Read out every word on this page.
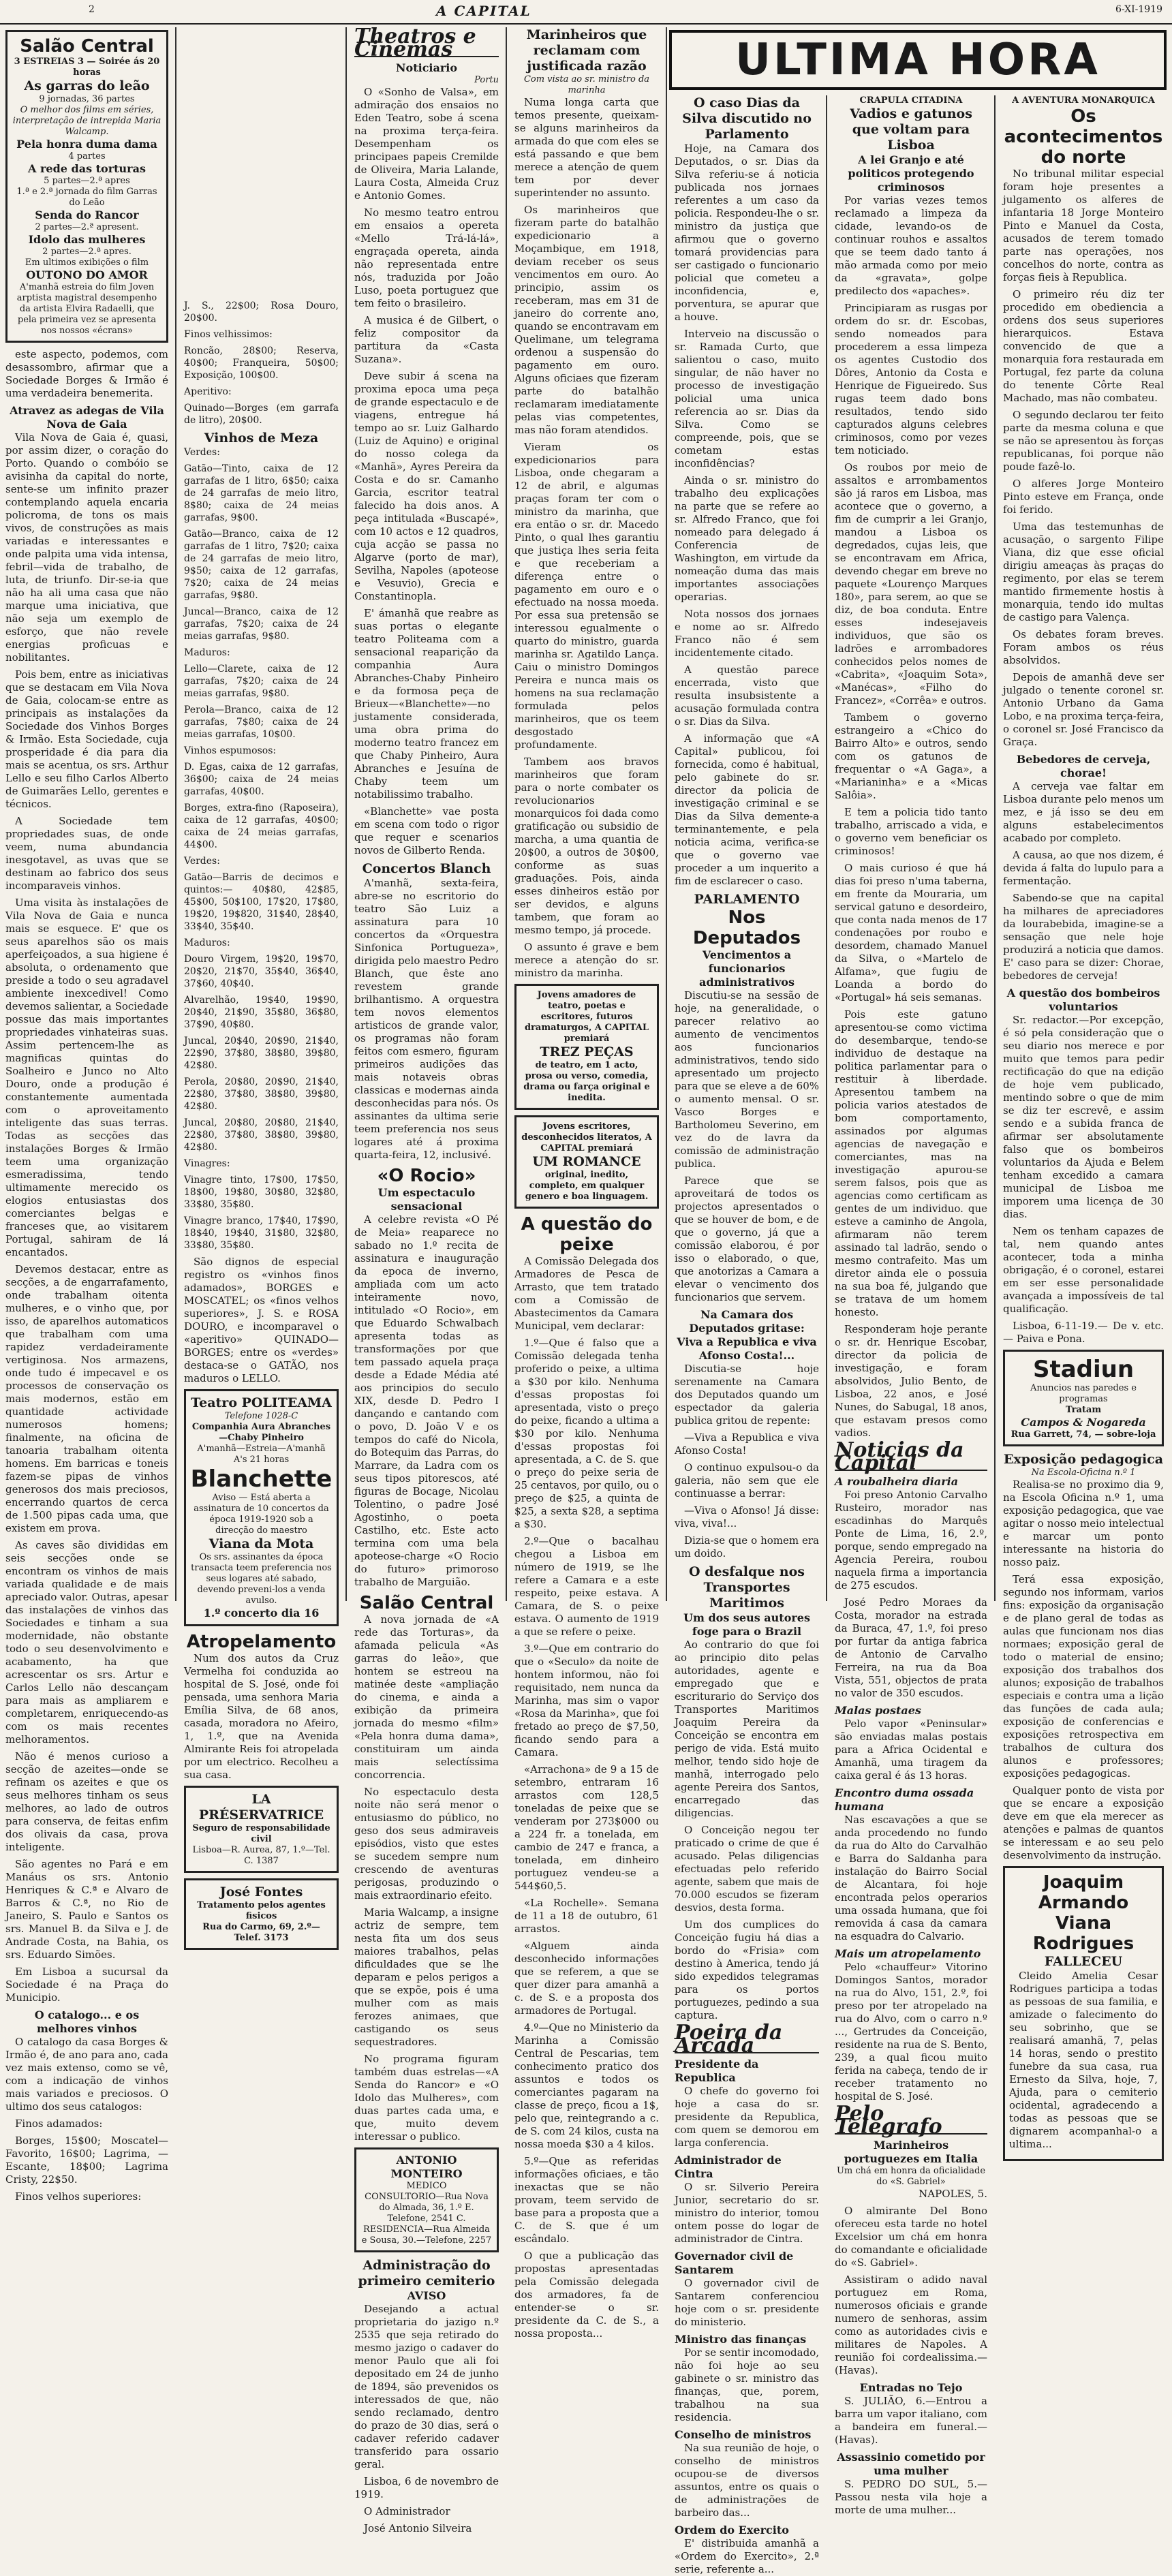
2	A CAPITAL	6-XI-1919
Salão Central
3 ESTREIAS 3 — Soirée ás 20 horas
As garras do leão
9 jornadas, 36 partes
O melhor dos films em séries, interpretação de intrepida Maria Walcamp.
Pela honra duma dama
4 partes
A rede das torturas
5 partes—2.ª apres
1.ª e 2.ª jornada do film Garras do Leão
Senda do Rancor
2 partes—2.ª apresent.
Idolo das mulheres
2 partes—2.ª apres.
Em ultimos exibições o film
OUTONO DO AMOR
A'manhã estreia do film Joven arptista magistral desempenho da artista Elvira Radaelli, que pela primeira vez se apresenta nos nossos «écrans»

este aspecto, podemos, com desassombro, afirmar que a Sociedade Borges & Irmão é uma verdadeira benemerita.

Atravez as adegas de Vila Nova de Gaia

Vila Nova de Gaia é, quasi, por assim dizer, o coração do Porto. Quando o combóio se avisinha da capital do norte, sente-se um infinito prazer contemplando aquela encaria policroma, de tons os mais vivos, de construções as mais variadas e interessantes e onde palpita uma vida intensa, febril—vida de trabalho, de luta, de triunfo. Dir-se-ia que não ha ali uma casa que não marque uma iniciativa, que não seja um exemplo de esforço, que não revele energias proficuas e nobilitantes.

Pois bem, entre as iniciativas que se destacam em Vila Nova de Gaia, colocam-se entre as principais as instalações da Sociedade dos Vinhos Borges & Irmão. Esta Sociedade, cuja prosperidade é dia para dia mais se acentua, os srs. Arthur Lello e seu filho Carlos Alberto de Guimarães Lello, gerentes e técnicos.

A Sociedade tem propriedades suas, de onde veem, numa abundancia inesgotavel, as uvas que se destinam ao fabrico dos seus incomparaveis vinhos.

Uma visita às instalações de Vila Nova de Gaia e nunca mais se esquece. E' que os seus aparelhos são os mais aperfeiçoados, a sua higiene é absoluta, o ordenamento que preside a todo o seu agradavel ambiente inexcedivel! Como devemos salientar, a Sociedade possue das mais importantes propriedades vinhateiras suas. Assim pertencem-lhe as magnificas quintas do Soalheiro e Junco no Alto Douro, onde a produção é constantemente aumentada com o aproveitamento inteligente das suas terras. Todas as secções das instalações Borges & Irmão teem uma organização esmeradissima, tendo ultimamente merecido os elogios entusiastas dos comerciantes belgas e franceses que, ao visitarem Portugal, sahiram de lá encantados.

Devemos destacar, entre as secções, a de engarrafamento, onde trabalham oitenta mulheres, e o vinho que, por isso, de aparelhos automaticos que trabalham com uma rapidez verdadeiramente vertiginosa. Nos armazens, onde tudo é impecavel e os processos de conservação os mais modernos, estão em quantidade actividade numerosos homens; finalmente, na oficina de tanoaria trabalham oitenta homens. Em barricas e toneis fazem-se pipas de vinhos generosos dos mais preciosos, encerrando quartos de cerca de 1.500 pipas cada uma, que existem em prova.

As caves são divididas em seis secções onde se encontram os vinhos de mais variada qualidade e de mais apreciado valor. Outras, apesar das instalações de vinhos das Sociedades e tinham a sua modernidade, não obstante todo o seu desenvolvimento e acabamento, ha que acrescentar os srs. Artur e Carlos Lello não descançam para mais as ampliarem e completarem, enriquecendo-as com os mais recentes melhoramentos.

Não é menos curioso a secção de azeites—onde se refinam os azeites e que os seus melhores tinham os seus melhores, ao lado de outros para conserva, de feitas enfim dos olivais da casa, prova inteligente.

São agentes no Pará e em Manáus os srs. Antonio Henriques & C.ª e Alvaro de Barros & C.ª, no Rio de Janeiro, S. Paulo e Santos os srs. Manuel B. da Silva e J. de Andrade Costa, na Bahia, os srs. Eduardo Simões.

Em Lisboa a sucursal da Sociedade é na Praça do Municipio.

O catalogo... e os melhores vinhos

O catalogo da casa Borges & Irmão é, de ano para ano, cada vez mais extenso, como se vê, com a indicação de vinhos mais variados e preciosos. O ultimo dos seus catalogos:

Finos adamados:

Borges, 15$00; Moscatel—Favorito, 16$00; Lagrima, — Escante, 18$00; Lagrima Cristy, 22$50.

Finos velhos superiores:

J. S., 22$00; Rosa Douro, 20$00.

Finos velhissimos:

Roncão, 28$00; Reserva, 40$00; Franqueira, 50$00; Exposição, 100$00.

Aperitivo:

Quinado—Borges (em garrafa de litro), 20$00.

Vinhos de Meza

Verdes:

Gatão—Tinto, caixa de 12 garrafas de 1 litro, 6$50; caixa de 24 garrafas de meio litro, 8$80; caixa de 24 meias garrafas, 9$00.

Gatão—Branco, caixa de 12 garrafas de 1 litro, 7$20; caixa de 24 garrafas de meio litro, 9$50; caixa de 12 garrafas, 7$20; caixa de 24 meias garrafas, 9$80.

Juncal—Branco, caixa de 12 garrafas, 7$20; caixa de 24 meias garrafas, 9$80.

Maduros:

Lello—Clarete, caixa de 12 garrafas, 7$20; caixa de 24 meias garrafas, 9$80.

Perola—Branco, caixa de 12 garrafas, 7$80; caixa de 24 meias garrafas, 10$00.

Vinhos espumosos:

D. Egas, caixa de 12 garrafas, 36$00; caixa de 24 meias garrafas, 40$00.

Borges, extra-fino (Raposeira), caixa de 12 garrafas, 40$00; caixa de 24 meias garrafas, 44$00.

Verdes:

Gatão—Barris de decimos e quintos:— 40$80, 42$85, 45$00, 50$100, 17$20, 17$80, 19$20, 19$820, 31$40, 28$40, 33$40, 35$40.

Maduros:

Douro Virgem, 19$20, 19$70, 20$20, 21$70, 35$40, 36$40, 37$60, 40$40.

Alvarelhão, 19$40, 19$90, 20$40, 21$90, 35$80, 36$80, 37$90, 40$80.

Juncal, 20$40, 20$90, 21$40, 22$90, 37$80, 38$80, 39$80, 42$80.

Perola, 20$80, 20$90, 21$40, 22$80, 37$80, 38$80, 39$80, 42$80.

Juncal, 20$80, 20$80, 21$40, 22$80, 37$80, 38$80, 39$80, 42$80.

Vinagres:

Vinagre tinto, 17$00, 17$50, 18$00, 19$80, 30$80, 32$80, 33$80, 35$80.

Vinagre branco, 17$40, 17$90, 18$40, 19$40, 31$80, 32$80, 33$80, 35$80.

São dignos de especial registro os «vinhos finos adamados», BORGES e MOSCATEL; os «finos velhos superiores», J. S. e ROSA DOURO, e incomparavel o «aperitivo» QUINADO—BORGES; entre os «verdes» destaca-se o GATÃO, nos maduros o LELLO.

Teatro POLITEAMA
Telefone 1028-C
Companhia Aura Abranches—Chaby Pinheiro
A'manhã—Estreia—A'manhã
A's 21 horas
Blanchette
Aviso — Está aberta a assinatura de 10 concertos da época 1919-1920 sob a direcção do maestro
Viana da Mota
Os srs. assinantes da época transacta teem preferencia nos seus logares até sabado, devendo preveni-los a venda avulso.
1.º concerto dia 16
Atropelamento

Num dos autos da Cruz Vermelha foi conduzida ao hospital de S. José, onde foi pensada, uma senhora Maria Emília Silva, de 68 anos, casada, moradora no Afeiro, 1, 1.º, que na Avenida Almirante Reis foi atropelada por um electrico. Recolheu a sua casa.

LA PRÉSERVATRICE
Seguro de responsabilidade civil
Lisboa—R. Aurea, 87, 1.º—Tel. C. 1387
José Fontes
Tratamento pelos agentes fisicos
Rua do Carmo, 69, 2.º—Telef. 3173
Theatros e Cinemas
Noticiario
Portu

O «Sonho de Valsa», em admiração dos ensaios no Eden Teatro, sobe á scena na proxima terça-feira. Desempenham os principaes papeis Cremilde de Oliveira, Maria Lalande, Laura Costa, Almeida Cruz e Antonio Gomes.

No mesmo teatro entrou em ensaios a opereta «Mello Trá-lá-lá», engraçada opereta, ainda não representada entre nós, traduzida por João Luso, poeta portuguez que tem feito o brasileiro.

A musica é de Gilbert, o feliz compositor da partitura da «Casta Suzana».

Deve subir á scena na proxima epoca uma peça de grande espectaculo e de viagens, entregue há tempo ao sr. Luiz Galhardo (Luiz de Aquino) e original do nosso colega da «Manhã», Ayres Pereira da Costa e do sr. Camanho Garcia, escritor teatral falecido ha dois anos. A peça intitulada «Buscapé», com 10 actos e 12 quadros, cuja acção se passa no Algarve (porto de mar), Sevilha, Napoles (apoteose e Vesuvio), Grecia e Constantinopla.

E' ámanhã que reabre as suas portas o elegante teatro Politeama com a sensacional reaparição da companhia Aura Abranches-Chaby Pinheiro e da formosa peça de Brieux—«Blanchette»—no justamente considerada, uma obra prima do moderno teatro francez em que Chaby Pinheiro, Aura Abranches e Jesuína de Chaby teem um notabilissimo trabalho.

«Blanchette» vae posta em scena com todo o rigor que requer e scenarios novos de Gilberto Renda.

Concertos Blanch

A'manhã, sexta-feira, abre-se no escritorio do teatro São Luiz a assinatura para 10 concertos da «Orquestra Sinfonica Portugueza», dirigida pelo maestro Pedro Blanch, que êste ano revestem grande brilhantismo. A orquestra tem novos elementos artisticos de grande valor, os programas não foram feitos com esmero, figuram primeiros audições das mais notaveis obras classicas e modernas ainda desconhecidas para nós. Os assinantes da ultima serie teem preferencia nos seus logares até á proxima quarta-feira, 12, inclusivé.

«O Rocio»
Um espectaculo sensacional

A celebre revista «O Pé de Meia» reaparece no sabado no 1.º recita de assinatura e inauguração da epoca de inverno, ampliada com um acto inteiramente novo, intitulado «O Rocio», em que Eduardo Schwalbach apresenta todas as transformações por que tem passado aquela praça desde a Edade Média até aos principios do seculo XIX, desde D. Pedro I dançando e cantando com o povo, D. João V e os tempos do café do Nicola, do Botequim das Parras, do Marrare, da Ladra com os seus tipos pitorescos, até figuras de Bocage, Nicolau Tolentino, o padre José Agostinho, o poeta Castilho, etc. Este acto termina com uma bela apoteose-charge «O Rocio do futuro» primoroso trabalho de Marguião.

Salão Central

A nova jornada de «A rede das Torturas», da afamada pelicula «As garras do leão», que hontem se estreou na matinée deste «ampliação do cinema, e ainda a exibição da primeira jornada do mesmo «film» «Pela honra duma dama», constituiram um ainda mais selectíssima concorrencia.

No espectaculo desta noite não será menor o entusiasmo do público, no geso dos seus admiraveis episódios, visto que estes se sucedem sempre num crescendo de aventuras perigosas, produzindo o mais extraordinario efeito.

Maria Walcamp, a insigne actriz de sempre, tem nesta fita um dos seus maiores trabalhos, pelas dificuldades que se lhe deparam e pelos perigos a que se expõe, pois é uma mulher com as mais ferozes animaes, que castigando os seus sequestradores.

No programa figuram também duas estrelas—«A Senda do Rancor» e «O Idolo das Mulheres», com duas partes cada uma, e que, muito devem interessar o publico.

ANTONIO MONTEIRO
MEDICO
CONSULTORIO—Rua Nova do Almada, 36, 1.º E. Telefone, 2541 C. RESIDENCIA—Rua Almeida e Sousa, 30.—Telefone, 2257
Administração do primeiro cemiterio
AVISO

Desejando a actual proprietaria do jazigo n.º 2535 que seja retirado do mesmo jazigo o cadaver do menor Paulo que ali foi depositado em 24 de junho de 1894, são prevenidos os interessados de que, não sendo reclamado, dentro do prazo de 30 dias, será o cadaver referido cadaver transferido para ossario geral.

Lisboa, 6 de novembro de 1919.

O Administrador

José Antonio Silveira

Marinheiros que reclamam com justificada razão
Com vista ao sr. ministro da marinha

Numa longa carta que temos presente, queixam-se alguns marinheiros da armada do que com eles se está passando e que bem merece a atenção de quem tem por dever superintender no assunto.

Os marinheiros que fizeram parte do batalhão expedicionario a Moçambique, em 1918, deviam receber os seus vencimentos em ouro. Ao principio, assim os receberam, mas em 31 de janeiro do corrente ano, quando se encontravam em Quelimane, um telegrama ordenou a suspensão do pagamento em ouro. Alguns oficiaes que fizeram parte do batalhão reclamaram imediatamente pelas vias competentes, mas não foram atendidos.

Vieram os expedicionarios para Lisboa, onde chegaram a 12 de abril, e algumas praças foram ter com o ministro da marinha, que era então o sr. dr. Macedo Pinto, o qual lhes garantiu que justiça lhes seria feita e que receberiam a diferença entre o pagamento em ouro e o efectuado na nossa moeda. Por essa sua pretensão se interessou egualmente o quarto do ministro, guarda marinha sr. Agatildo Lança. Caiu o ministro Domingos Pereira e nunca mais os homens na sua reclamação formulada pelos marinheiros, que os teem desgostado profundamente.

Tambem aos bravos marinheiros que foram para o norte combater os revolucionarios monarquicos foi dada como gratificação ou subsidio de marcha, a uma quantia de 20$00, a outros de 30$00, conforme as suas graduações. Pois, ainda esses dinheiros estão por ser devidos, e alguns tambem, que foram ao mesmo tempo, já procede.

O assunto é grave e bem merece a atenção do sr. ministro da marinha.

Jovens amadores de teatro, poetas e escritores, futuros dramaturgos, A CAPITAL premiará
TREZ PEÇAS
de teatro, em 1 acto, prosa ou verso, comedia, drama ou farça original e inedita.
Jovens escritores, desconhecidos literatos, A CAPITAL premiará
UM ROMANCE
original, inedito, completo, em qualquer genero e boa linguagem.
A questão do peixe

A Comissão Delegada dos Armadores de Pesca de Arrasto, que tem tratado com a Comissão de Abastecimentos da Camara Municipal, vem declarar:

1.º—Que é falso que a Comissão delegada tenha proferido o peixe, a ultima a $30 por kilo. Nenhuma d'essas propostas foi apresentada, visto o preço do peixe, ficando a ultima a $30 por kilo. Nenhuma d'essas propostas foi apresentada, a C. de S. que o preço do peixe seria de 25 centavos, por quilo, ou o preço de $25, a quinta de $25, a sexta $28, a septima a $30.

2.º—Que o bacalhau chegou a Lisboa em número de 1919, se lhe refere a Camara e a este respeito, peixe estava. A Camara, de S. o peixe estava. O aumento de 1919 a que se refere o peixe.

3.º—Que em contrario do que o «Seculo» da noite de hontem informou, não foi requisitado, nem nunca da Marinha, mas sim o vapor «Rosa da Marinha», que foi fretado ao preço de $7,50, ficando sendo para a Camara.

«Arrachona» de 9 a 15 de setembro, entraram 16 arrastos com 128,5 toneladas de peixe que se venderam por 273$000 ou a 224 fr. a tonelada, em cambio de 247 e franca, a tonelada, em dinheiro portuguez vendeu-se a 544$60,5.

«La Rochelle». Semana de 11 a 18 de outubro, 61 arrastos.

«Alguem ainda desconhecido informações que se referem, a que se quer dizer para amanhã a c. de S. e a proposta dos armadores de Portugal.

4.º—Que no Ministerio da Marinha a Comissão Central de Pescarias, tem conhecimento pratico dos assuntos e todos os comerciantes pagaram na classe de preço, ficou a 1$, pelo que, reintegrando a c. de S. com 24 kilos, custa na nossa moeda $30 a 4 kilos.

5.º—Que as referidas informações oficiaes, e tão inexactas que se não provam, teem servido de base para a proposta que a C. de S. que é um escândalo.

O que a publicação das propostas apresentadas pela Comissão delegada dos armadores, fa de entender-se o sr. presidente da C. de S., a nossa proposta...

ULTIMA HORA
O caso Dias da Silva discutido no Parlamento

Hoje, na Camara dos Deputados, o sr. Dias da Silva referiu-se á noticia publicada nos jornaes referentes a um caso da policia. Respondeu-lhe o sr. ministro da justiça que afirmou que o governo tomará providencias para ser castigado o funcionario policial que cometeu a inconfidencia, e, porventura, se apurar que a houve.

Interveio na discussão o sr. Ramada Curto, que salientou o caso, muito singular, de não haver no processo de investigação policial uma unica referencia ao sr. Dias da Silva. Como se compreende, pois, que se cometam estas inconfidências?

Ainda o sr. ministro do trabalho deu explicações na parte que se refere ao sr. Alfredo Franco, que foi nomeado para delegado á Conferencia de Washington, em virtude da nomeação duma das mais importantes associações operarias.

Nota nossos dos jornaes e nome ao sr. Alfredo Franco não é sem incidentemente citado.

A questão parece encerrada, visto que resulta insubsistente a acusação formulada contra o sr. Dias da Silva.

A informação que «A Capital» publicou, foi fornecida, como é habitual, pelo gabinete do sr. director da policia de investigação criminal e se Dias da Silva demente-a terminantemente, e pela noticia acima, verifica-se que o governo vae proceder a um inquerito a fim de esclarecer o caso.

PARLAMENTO
Nos Deputados
Vencimentos a funcionarios administrativos

Discutiu-se na sessão de hoje, na generalidade, o parecer relativo ao aumento de vencimentos aos funcionarios administrativos, tendo sido apresentado um projecto para que se eleve a de 60% o aumento mensal. O sr. Vasco Borges e Bartholomeu Severino, em vez do de lavra da comissão de administração publica.

Parece que se aproveitará de todos os projectos apresentados o que se houver de bom, e de que o governo, já que a comissão elaborou, é por isso o elaborado, o que, que anotorizas a Camara a elevar o vencimento dos funcionarios que servem.

Na Camara dos Deputados gritase: Viva a Republica e viva Afonso Costa!...

Discutia-se hoje serenamente na Camara dos Deputados quando um espectador da galeria publica gritou de repente:

—Viva a Republica e viva Afonso Costa!

O continuo expulsou-o da galeria, não sem que ele continuasse a berrar:

—Viva o Afonso! Já disse: viva, viva!...

Dizia-se que o homem era um doido.

O desfalque nos Transportes Maritimos
Um dos seus autores foge para o Brazil

Ao contrario do que foi ao principio dito pelas autoridades, agente e empregado que e escriturario do Serviço dos Transportes Maritimos Joaquim Pereira da Conceição se encontra em perigo de vida. Está muito melhor, tendo sido hoje de manhã, interrogado pelo agente Pereira dos Santos, encarregado das diligencias.

O Conceição negou ter praticado o crime de que é acusado. Pelas diligencias efectuadas pelo referido agente, sabem que mais de 70.000 escudos se fizeram desvios, desta forma.

Um dos cumplices do Conceição fugiu há dias a bordo do «Frisia» com destino à America, tendo já sido expedidos telegramas para os portos portuguezes, pedindo a sua captura.

Poeira da Arcada
Presidente da Republica

O chefe do governo foi hoje a casa do sr. presidente da Republica, com quem se demorou em larga conferencia.

Administrador de Cintra

O sr. Silverio Pereira Junior, secretario do sr. ministro do interior, tomou ontem posse do logar de administrador de Cintra.

Governador civil de Santarem

O governador civil de Santarem conferenciou hoje com o sr. presidente do ministerio.

Ministro das finanças

Por se sentir incomodado, não foi hoje ao seu gabinete o sr. ministro das finanças, que, porem, trabalhou na sua residencia.

Conselho de ministros

Na sua reunião de hoje, o conselho de ministros ocupou-se de diversos assuntos, entre os quais o de administrações de barbeiro das...

Ordem do Exercito

E' distribuida amanhã a «Ordem do Exercito», 2.ª serie, referente a...

CRAPULA CITADINA
Vadios e gatunos que voltam para Lisboa
A lei Granjo e até politicos protegendo criminosos

Por varias vezes temos reclamado a limpeza da cidade, levando-os de continuar rouhos e assaltos que se teem dado tanto á mão armada como por meio da «gravata», golpe predilecto dos «apaches».

Principiaram as rusgas por ordem do sr. dr. Escobas, sendo nomeados para procederem a essa limpeza os agentes Custodio dos Dôres, Antonio da Costa e Henrique de Figueiredo. Sus rugas teem dado bons resultados, tendo sido capturados alguns celebres criminosos, como por vezes tem noticiado.

Os roubos por meio de assaltos e arrombamentos são já raros em Lisboa, mas acontece que o governo, a fim de cumprir a lei Granjo, mandou a Lisboa os degredados, cujas leis, que se encontravam em Africa, devendo chegar em breve no paquete «Lourenço Marques 180», para serem, ao que se diz, de boa conduta. Entre esses indesejaveis individuos, que são os ladrões e arrombadores conhecidos pelos nomes de «Cabrita», «Joaquim Sota», «Manécas», «Filho do Francez», «Corrêa» e outros.

Tambem o governo estrangeiro a «Chico do Bairro Alto» e outros, sendo com os gatunos de frequentar o «A Gaga», a «Marianinha» e a «Micas Salôia».

E tem a policia tido tanto trabalho, arriscado a vida, e o governo vem beneficiar os criminosos!

O mais curioso é que há dias foi preso n'uma taberna, em frente da Mouraria, um servical gatuno e desordeiro, que conta nada menos de 17 condenações por roubo e desordem, chamado Manuel da Silva, o «Martelo de Alfama», que fugiu de Loanda a bordo do «Portugal» há seis semanas.

Pois este gatuno apresentou-se como victima do desembarque, tendo-se individuo de destaque na politica parlamentar para o restituir à liberdade. Apresentou tambem na policia varios atestados de bom comportamento, assinados por algumas agencias de navegação e comerciantes, mas na investigação apurou-se serem falsos, pois que as agencias como certificam as gentes de um individuo. que esteve a caminho de Angola, afirmaram não terem assinado tal ladrão, sendo o mesmo contrafeito. Mas um diretor ainda ele o possuia na sua boa fé, julgando que se tratava de um homem honesto.

Responderam hoje perante o sr. dr. Henrique Escobar, director da policia de investigação, e foram absolvidos, Julio Bento, de Lisboa, 22 anos, e José Nunes, do Sabugal, 18 anos, que estavam presos como vadios.

Noticias da Capital
A roubalheira diaria

Foi preso Antonio Carvalho Rusteiro, morador nas escadinhas do Marquês Ponte de Lima, 16, 2.º, porque, sendo empregado na Agencia Pereira, roubou naquela firma a importancia de 275 escudos.

José Pedro Moraes da Costa, morador na estrada da Buraca, 47, 1.º, foi preso por furtar da antiga fabrica de Antonio de Carvalho Ferreira, na rua da Boa Vista, 551, objectos de prata no valor de 350 escudos.

Malas postaes

Pelo vapor «Peninsular» são enviadas malas postais para a Africa Ocidental e Amanhã, uma tiragem da caixa geral é ás 13 horas.

Encontro duma ossada humana

Nas escavações a que se anda procedendo no fundo da rua do Alto do Carvalhão e Barra do Saldanha para instalação do Bairro Social de Alcantara, foi hoje encontrada pelos operarios uma ossada humana, que foi removida á casa da camara na esquadra do Calvario.

Mais um atropelamento

Pelo «chauffeur» Vitorino Domingos Santos, morador na rua do Alvo, 151, 2.º, foi preso por ter atropelado na rua do Alvo, com o carro n.º ..., Gertrudes da Conceição, residente na rua de S. Bento, 239, a qual ficou muito ferida na cabeça, tendo de ir receber tratamento no hospital de S. José.

Pelo Telegrafo
Marinheiros portuguezes em Italia
Um chá em honra da oficialidade do «S. Gabriel»

NAPOLES, 5.

O almirante Del Bono ofereceu esta tarde no hotel Excelsior um chá em honra do comandante e oficialidade do «S. Gabriel».

Assistiram o adido naval portuguez em Roma, numerosos oficiais e grande numero de senhoras, assim como as autoridades civis e militares de Napoles. A reunião foi cordealissima.—(Havas).

Entradas no Tejo

S. JULIÃO, 6.—Entrou a barra um vapor italiano, com a bandeira em funeral.—(Havas).

Assassinio cometido por uma mulher

S. PEDRO DO SUL, 5.—Passou nesta vila hoje a morte de uma mulher...

A AVENTURA MONARQUICA
Os acontecimentos do norte

No tribunal militar especial foram hoje presentes a julgamento os alferes de infantaria 18 Jorge Monteiro Pinto e Manuel da Costa, acusados de terem tomado parte nas operações, nos concelhos do norte, contra as forças fieis à Republica.

O primeiro réu diz ter procedido em obediencia a ordens dos seus superiores hierarquicos. Estava convencido de que a monarquia fora restaurada em Portugal, fez parte da coluna do tenente Côrte Real Machado, mas não combateu.

O segundo declarou ter feito parte da mesma coluna e que se não se apresentou às forças republicanas, foi porque não poude fazê-lo.

O alferes Jorge Monteiro Pinto esteve em França, onde foi ferido.

Uma das testemunhas de acusação, o sargento Filipe Viana, diz que esse oficial dirigiu ameaças às praças do regimento, por elas se terem mantido firmemente hostis à monarquia, tendo ido multas de castigo para Valença.

Os debates foram breves. Foram ambos os réus absolvidos.

Depois de amanhã deve ser julgado o tenente coronel sr. Antonio Urbano da Gama Lobo, e na proxima terça-feira, o coronel sr. José Francisco da Graça.

Bebedores de cerveja, chorae!

A cerveja vae faltar em Lisboa durante pelo menos um mez, e já isso se deu em alguns estabelecimentos acabado por completo.

A causa, ao que nos dizem, é devida á falta do lupulo para a fermentação.

Sabendo-se que na capital ha milhares de apreciadores da lourabebida, imagine-se a sensação que nele hoje produzirá a noticia que damos. E' caso para se dizer: Chorae, bebedores de cerveja!

A questão dos bombeiros voluntarios

Sr. redactor.—Por excepção, é só pela consideração que o seu diario nos merece e por muito que temos para pedir rectificação do que na edição de hoje vem publicado, mentindo sobre o que de mim se diz ter escrevê, e assim sendo e a subida franca de afirmar ser absolutamente falso que os bombeiros voluntarios da Ajuda e Belem tenham excedido a camara municipal de Lisboa me imporem uma licença de 30 dias.

Nem os tenham capazes de tal, nem quando antes acontecer, toda a minha obrigação, é o coronel, estarei em ser esse personalidade avançada a impossíveis de tal qualificação.

Lisboa, 6-11-19.— De v. etc.— Paiva e Pona.

Stadiun
Anuncios nas paredes e programas
Tratam
Campos & Nogareda
Rua Garrett, 74, — sobre-loja
Exposição pedagogica
Na Escola-Oficina n.º 1

Realisa-se no proximo dia 9, na Escola Oficina n.º 1, uma exposição pedagogica, que vae agitar o nosso meio intelectual e marcar um ponto interessante na historia do nosso paiz.

Terá essa exposição, segundo nos informam, varios fins: exposição da organisação e de plano geral de todas as aulas que funcionam nos dias normaes; exposição geral de todo o material de ensino; exposição dos trabalhos dos alunos; exposição de trabalhos especiais e contra uma a lição das funções de cada aula; exposição de conferencias e exposições retrospectiva em trabalhos de cultura dos alunos e professores; exposições pedagogicas.

Qualquer ponto de vista por que se encare a exposição deve em que ela merecer as atenções e palmas de quantos se interessam e ao seu pelo desenvolvimento da instrução.

Joaquim Armando Viana Rodrigues
FALLECEU

Cleido Amelia Cesar Rodrigues participa a todas as pessoas de sua familia, e amizade o falecimento do seu sobrinho, que se realisará amanhã, 7, pelas 14 horas, sendo o prestito funebre da sua casa, rua Ernesto da Silva, hoje, 7, Ajuda, para o cemiterio ocidental, agradecendo a todas as pessoas que se dignarem acompanhal-o a ultima...
